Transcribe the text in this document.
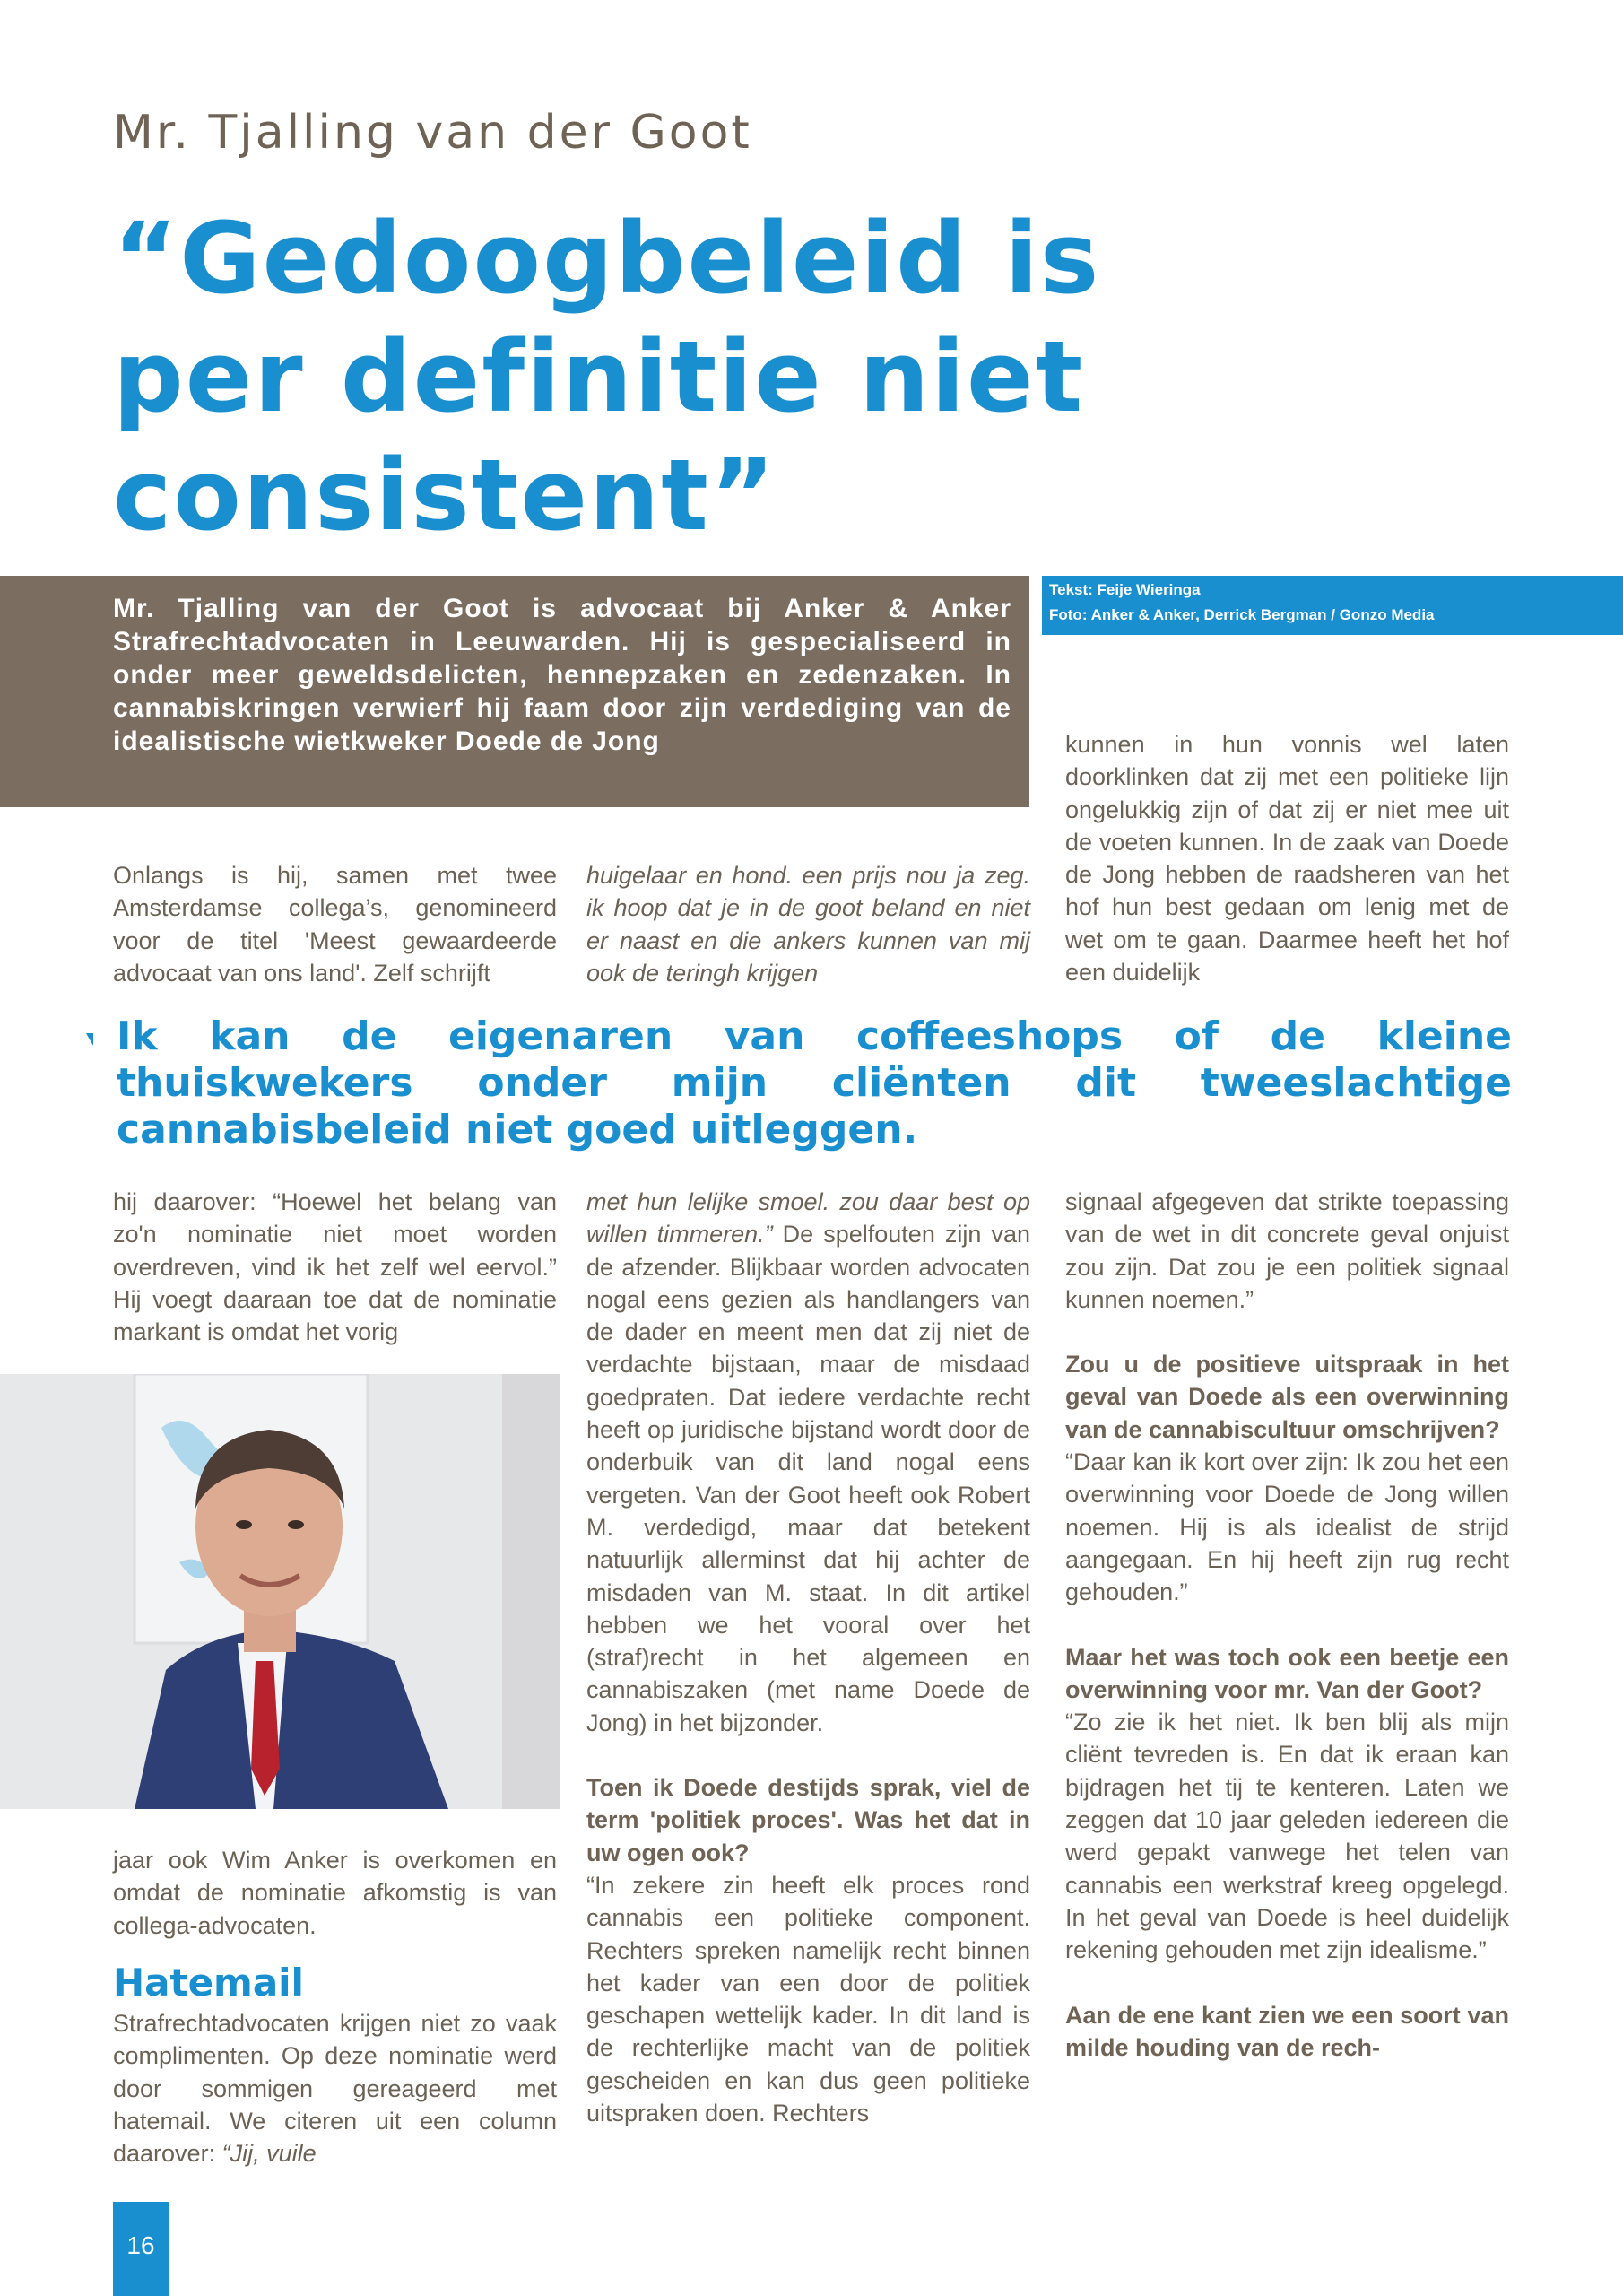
Mr. Tjalling van der Goot
“Gedoogbeleid is
per definitie niet
consistent”
Mr. Tjalling van der Goot is advocaat bij Anker & Anker Strafrechtadvocaten in Leeuwarden. Hij is gespecialiseerd in onder meer geweldsdelicten, hennepzaken en zedenzaken. In cannabiskringen verwierf hij faam door zijn verdediging van de idealistische wietkweker Doede de Jong
Tekst: Feije Wieringa
Foto: Anker & Anker, Derrick Bergman / Gonzo Media

kunnen in hun vonnis wel laten doorklinken dat zij met een politieke lijn ongelukkig zijn of dat zij er niet mee uit de voeten kunnen. In de zaak van Doede de Jong hebben de raadsheren van het hof hun best gedaan om lenig met de wet om te gaan. Daarmee heeft het hof een duidelijk

Onlangs is hij, samen met twee Amsterdamse collega’s, genomineerd voor de titel 'Meest gewaardeerde advocaat van ons land'. Zelf schrijft

huigelaar en hond. een prijs nou ja zeg. ik hoop dat je in de goot beland en niet er naast en die ankers kunnen van mij ook de teringh krijgen

Ik kan de eigenaren van coffeeshops of de kleine thuiskwekers onder mijn cliënten dit tweeslachtige cannabisbeleid niet goed uitleggen.

hij daarover: “Hoewel het belang van zo'n nominatie niet moet worden overdreven, vind ik het zelf wel eervol.” Hij voegt daaraan toe dat de nominatie markant is omdat het vorig

met hun lelijke smoel. zou daar best op willen timmeren.” De spelfouten zijn van de afzender. Blijkbaar worden advocaten nogal eens gezien als handlangers van de dader en meent men dat zij niet de verdachte bijstaan, maar de misdaad goedpraten. Dat iedere verdachte recht heeft op juridische bijstand wordt door de onderbuik van dit land nogal eens vergeten. Van der Goot heeft ook Robert M. verdedigd, maar dat betekent natuurlijk allerminst dat hij achter de misdaden van M. staat. In dit artikel hebben we het vooral over het (straf)recht in het algemeen en cannabiszaken (met name Doede de Jong) in het bijzonder.

Toen ik Doede destijds sprak, viel de term 'politiek proces'. Was het dat in uw ogen ook?

“In zekere zin heeft elk proces rond cannabis een politieke component. Rechters spreken namelijk recht binnen het kader van een door de politiek geschapen wettelijk kader. In dit land is de rechterlijke macht van de politiek gescheiden en kan dus geen politieke uitspraken doen. Rechters

signaal afgegeven dat strikte toepassing van de wet in dit concrete geval onjuist zou zijn. Dat zou je een politiek signaal kunnen noemen.”

Zou u de positieve uitspraak in het geval van Doede als een overwinning van de cannabiscultuur omschrijven?

“Daar kan ik kort over zijn: Ik zou het een overwinning voor Doede de Jong willen noemen. Hij is als idealist de strijd aangegaan. En hij heeft zijn rug recht gehouden.”

Maar het was toch ook een beetje een overwinning voor mr. Van der Goot?

“Zo zie ik het niet. Ik ben blij als mijn cliënt tevreden is. En dat ik eraan kan bijdragen het tij te kenteren. Laten we zeggen dat 10 jaar geleden iedereen die werd gepakt vanwege het telen van cannabis een werkstraf kreeg opgelegd. In het geval van Doede is heel duidelijk rekening gehouden met zijn idealisme.”

Aan de ene kant zien we een soort van milde houding van de rech-

jaar ook Wim Anker is overkomen en omdat de nominatie afkomstig is van collega-advocaten.

Hatemail

Strafrechtadvocaten krijgen niet zo vaak complimenten. Op deze nominatie werd door sommigen gereageerd met hatemail. We citeren uit een column daarover: “Jij, vuile

16
